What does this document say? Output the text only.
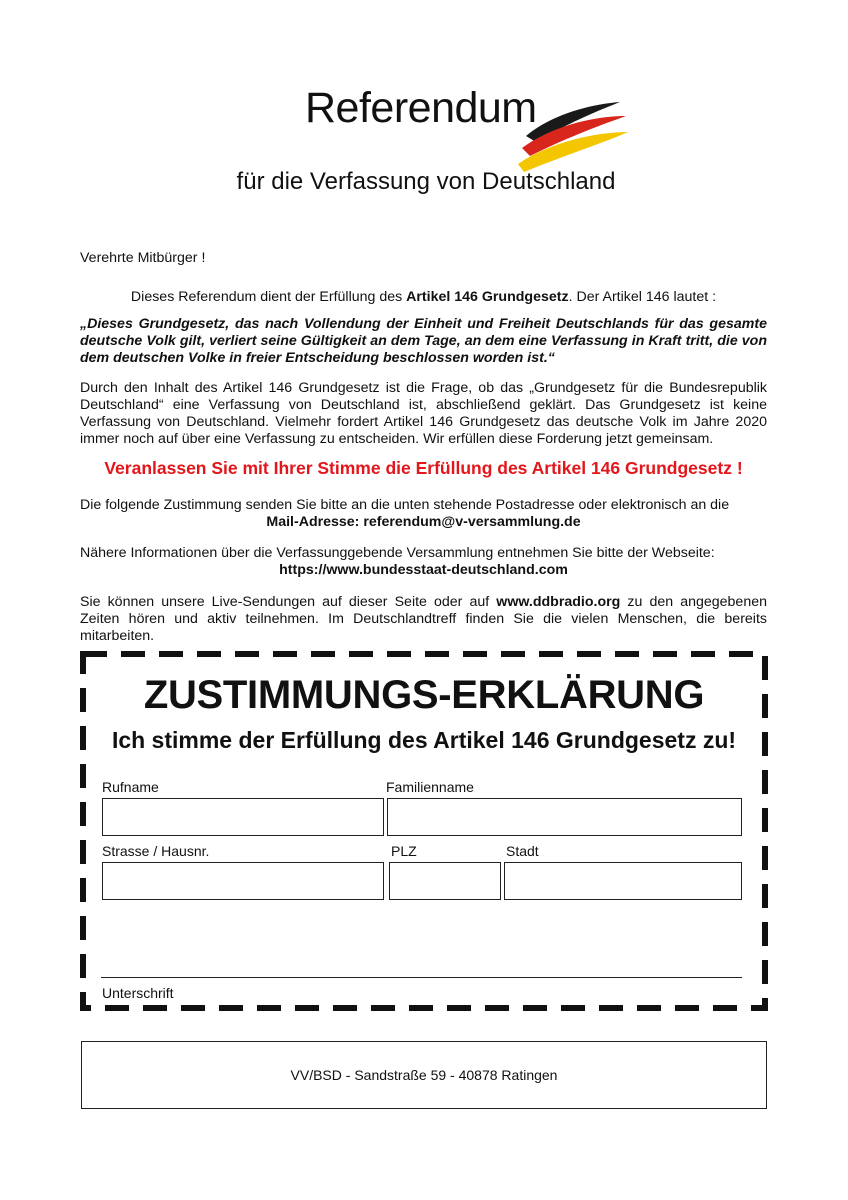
Referendum
für die Verfassung von Deutschland
Verehrte Mitbürger !
Dieses Referendum dient der Erfüllung des Artikel 146 Grundgesetz. Der Artikel 146 lautet :
„Dieses Grundgesetz, das nach Vollendung der Einheit und Freiheit Deutschlands für das gesamte deutsche Volk gilt, verliert seine Gültigkeit an dem Tage, an dem eine Verfassung in Kraft tritt, die von dem deutschen Volke in freier Entscheidung beschlossen worden ist.“
Durch den Inhalt des Artikel 146 Grundgesetz ist die Frage, ob das „Grundgesetz für die Bundesrepublik Deutschland“ eine Verfassung von Deutschland ist, abschließend geklärt. Das Grundgesetz ist keine Verfassung von Deutschland. Vielmehr fordert Artikel 146 Grundgesetz das deutsche Volk im Jahre 2020 immer noch auf über eine Verfassung zu entscheiden. Wir erfüllen diese Forderung jetzt gemeinsam.
Veranlassen Sie mit Ihrer Stimme die Erfüllung des Artikel 146 Grundgesetz !
Die folgende Zustimmung senden Sie bitte an die unten stehende Postadresse oder elektronisch an die

Mail-Adresse: referendum@v-versammlung.de
Nähere Informationen über die Verfassunggebende Versammlung entnehmen Sie bitte der Webseite:

https://www.bundesstaat-deutschland.com
Sie können unsere Live-Sendungen auf dieser Seite oder auf www.ddbradio.org zu den angegebenen Zeiten hören und aktiv teilnehmen. Im Deutschlandtreff finden Sie die vielen Menschen, die bereits mitarbeiten.
ZUSTIMMUNGS-ERKLÄRUNG
Ich stimme der Erfüllung des Artikel 146 Grundgesetz zu!
Rufname	Familienname
Strasse / Hausnr.	PLZ	Stadt
Unterschrift
VV/BSD - Sandstraße 59 - 40878 Ratingen
